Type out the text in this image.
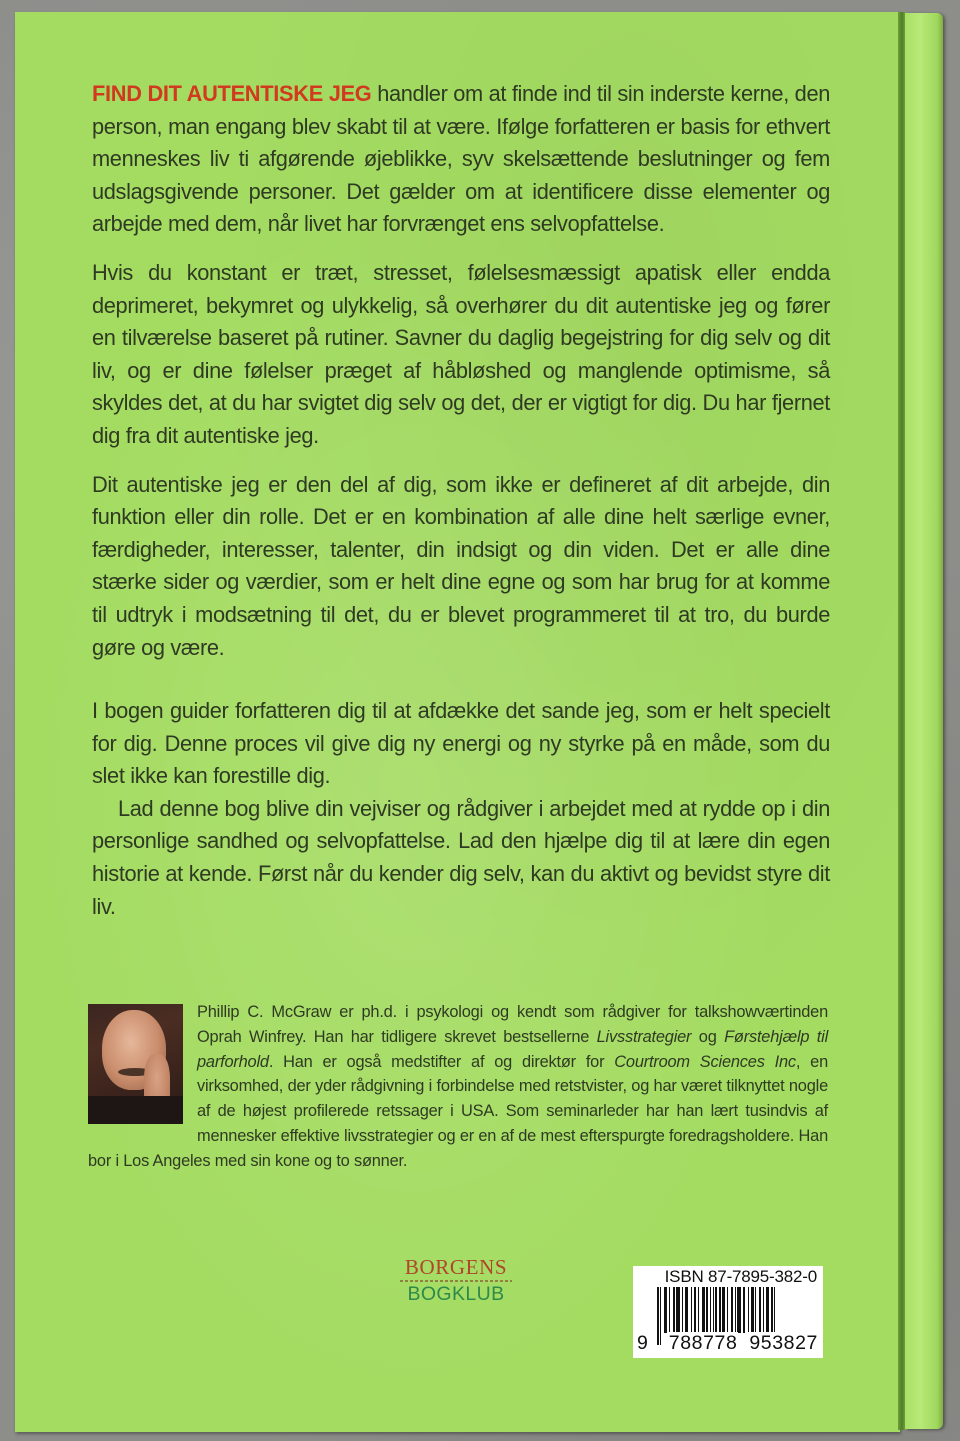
FIND DIT AUTENTISKE JEG handler om at finde ind til sin inderste kerne, den person, man engang blev skabt til at være. Ifølge forfatteren er basis for ethvert menneskes liv ti afgørende øjeblikke, syv skelsættende beslutninger og fem udslagsgivende personer. Det gælder om at identificere disse elementer og arbejde med dem, når livet har forvrænget ens selvopfattelse.

Hvis du konstant er træt, stresset, følelsesmæssigt apatisk eller endda deprimeret, bekymret og ulykkelig, så overhører du dit autentiske jeg og fører en tilværelse baseret på rutiner. Savner du daglig begejstring for dig selv og dit liv, og er dine følelser præget af håbløshed og manglende optimisme, så skyldes det, at du har svigtet dig selv og det, der er vigtigt for dig. Du har fjernet dig fra dit autentiske jeg.

Dit autentiske jeg er den del af dig, som ikke er defineret af dit arbejde, din funktion eller din rolle. Det er en kombination af alle dine helt særlige evner, færdigheder, interesser, talenter, din indsigt og din viden. Det er alle dine stærke sider og værdier, som er helt dine egne og som har brug for at komme til udtryk i modsætning til det, du er blevet programmeret til at tro, du burde gøre og være.

I bogen guider forfatteren dig til at afdække det sande jeg, som er helt specielt for dig. Denne proces vil give dig ny energi og ny styrke på en måde, som du slet ikke kan forestille dig.

Lad denne bog blive din vejviser og rådgiver i arbejdet med at rydde op i din personlige sandhed og selvopfattelse. Lad den hjælpe dig til at lære din egen historie at kende. Først når du kender dig selv, kan du aktivt og bevidst styre dit liv.

Phillip C. McGraw er ph.d. i psykologi og kendt som rådgiver for talkshowværtinden Oprah Winfrey. Han har tidligere skrevet bestsellerne Livsstrategier og Førstehjælp til parforhold. Han er også medstifter af og direktør for Courtroom Sciences Inc, en virksomhed, der yder rådgivning i forbindelse med retstvister, og har været tilknyttet nogle af de højest profilerede retssager i USA. Som seminarleder har han lært tusindvis af mennesker effektive livsstrategier og er en af de mest efterspurgte foredragsholdere. Han bor i Los Angeles med sin kone og to sønner.
BORGENS
BOGKLUB
ISBN 87-7895-382-0
9 788778 953827
